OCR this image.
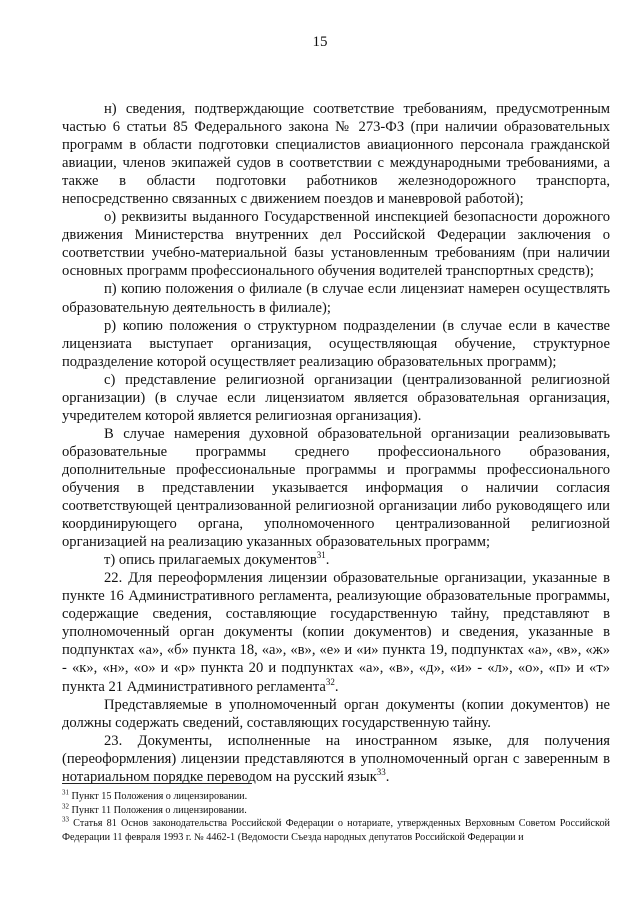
15

н) сведения, подтверждающие соответствие требованиям, предусмотренным частью 6 статьи 85 Федерального закона № 273-ФЗ (при наличии образовательных программ в области подготовки специалистов авиационного персонала гражданской авиации, членов экипажей судов в соответствии с международными требованиями, а также в области подготовки работников железнодорожного транспорта, непосредственно связанных с движением поездов и маневровой работой);

о) реквизиты выданного Государственной инспекцией безопасности дорожного движения Министерства внутренних дел Российской Федерации заключения о соответствии учебно-материальной базы установленным требованиям (при наличии основных программ профессионального обучения водителей транспортных средств);

п) копию положения о филиале (в случае если лицензиат намерен осуществлять образовательную деятельность в филиале);

р) копию положения о структурном подразделении (в случае если в качестве лицензиата выступает организация, осуществляющая обучение, структурное подразделение которой осуществляет реализацию образовательных программ);

с) представление религиозной организации (централизованной религиозной организации) (в случае если лицензиатом является образовательная организация, учредителем которой является религиозная организация).

В случае намерения духовной образовательной организации реализовывать образовательные программы среднего профессионального образования, дополнительные профессиональные программы и программы профессионального обучения в представлении указывается информация о наличии согласия соответствующей централизованной религиозной организации либо руководящего или координирующего органа, уполномоченного централизованной религиозной организацией на реализацию указанных образовательных программ;

т) опись прилагаемых документов$^{31}$.

22. Для переоформления лицензии образовательные организации, указанные в пункте 16 Административного регламента, реализующие образовательные программы, содержащие сведения, составляющие государственную тайну, представляют в уполномоченный орган документы (копии документов) и сведения, указанные в подпунктах «а», «б» пункта 18, «а», «в», «е» и «и» пункта 19, подпунктах «а», «в», «ж» - «к», «н», «о» и «р» пункта 20 и подпунктах «а», «в», «д», «и» - «л», «о», «п» и «т» пункта 21 Административного регламента$^{32}$.

Представляемые в уполномоченный орган документы (копии документов) не должны содержать сведений, составляющих государственную тайну.

23. Документы, исполненные на иностранном языке, для получения (переоформления) лицензии представляются в уполномоченный орган с заверенным в нотариальном порядке переводом на русский язык$^{33}$.

$^{31}$ Пункт 15 Положения о лицензировании.

$^{32}$ Пункт 11 Положения о лицензировании.

$^{33}$ Статья 81 Основ законодательства Российской Федерации о нотариате, утвержденных Верховным Советом Российской Федерации 11 февраля 1993 г. № 4462-1 (Ведомости Съезда народных депутатов Российской Федерации и
